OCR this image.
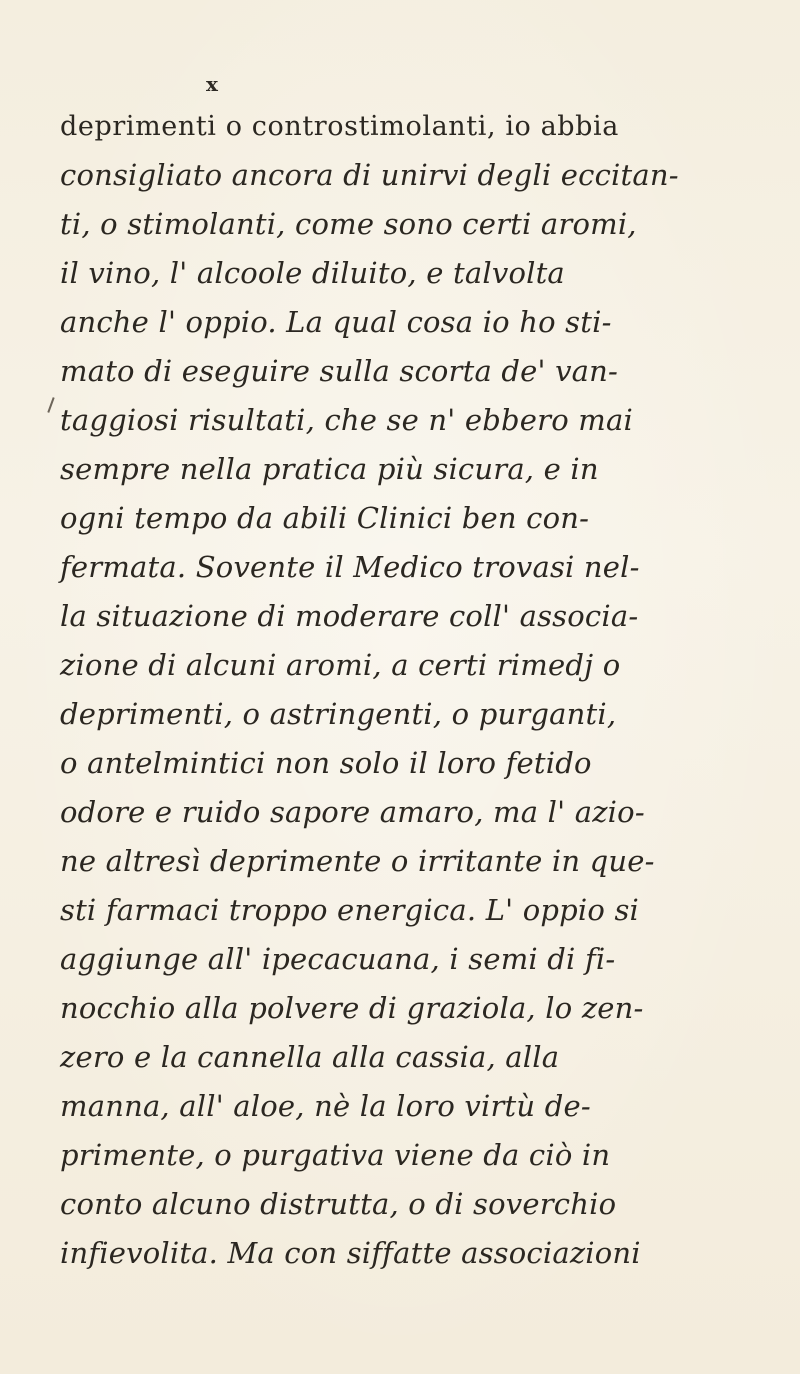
x
deprimenti o controstimolanti, io abbia
consigliato ancora di unirvi degli eccitan-
ti, o stimolanti, come sono certi aromi,
il vino, l' alcoole diluito, e talvolta
anche l' oppio. La qual cosa io ho sti-
mato di eseguire sulla scorta de' van-
taggiosi risultati, che se n' ebbero mai
sempre nella pratica più sicura, e in
ogni tempo da abili Clinici ben con-
fermata. Sovente il Medico trovasi nel-
la situazione di moderare coll' associa-
zione di alcuni aromi, a certi rimedj o
deprimenti, o astringenti, o purganti,
o antelmintici non solo il loro fetido
odore e ruido sapore amaro, ma l' azio-
ne altresì deprimente o irritante in que-
sti farmaci troppo energica. L' oppio si
aggiunge all' ipecacuana, i semi di fi-
nocchio alla polvere di graziola, lo zen-
zero e la cannella alla cassia, alla
manna, all' aloe, nè la loro virtù de-
primente, o purgativa viene da ciò in
conto alcuno distrutta, o di soverchio
infievolita. Ma con siffatte associazioni
